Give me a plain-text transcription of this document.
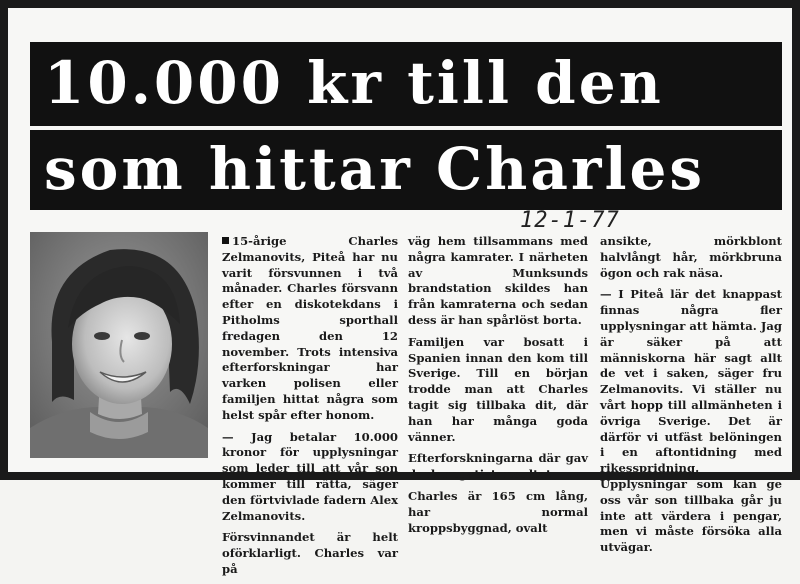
10.000 kr till den
som hittar Charles
12-1-77

15-årige Charles Zelmanovits, Piteå har nu varit försvunnen i två månader. Charles försvann efter en diskotekdans i Pitholms sporthall fredagen den 12 november. Trots intensiva efterforskningar har varken polisen eller familjen hittat några som helst spår efter honom.

— Jag betalar 10.000 kronor för upplysningar som leder till att vår son kommer till rätta, säger den förtvivlade fadern Alex Zelmanovits.

Försvinnandet är helt oförklarligt. Charles var på

väg hem tillsammans med några kamrater. I närheten av Munksunds brandstation skildes han från kamraterna och sedan dess är han spårlöst borta.

Familjen var bosatt i Spanien innan den kom till Sverige. Till en början trodde man att Charles tagit sig tillbaka dit, där han har många goda vänner.

Efterforskningarna där gav dock negativt resultat.

Charles är 165 cm lång, har normal kroppsbyggnad, ovalt

ansikte, mörkblont halvlångt hår, mörkbruna ögon och rak näsa.

— I Piteå lär det knappast finnas några fler upplysningar att hämta. Jag är säker på att människorna här sagt allt de vet i saken, säger fru Zelmanovits. Vi ställer nu vårt hopp till allmänheten i övriga Sverige. Det är därför vi utfäst belöningen i en aftontidning med rikesspridning. Upplysningar som kan ge oss vår son tillbaka går ju inte att värdera i pengar, men vi måste försöka alla utvägar.
